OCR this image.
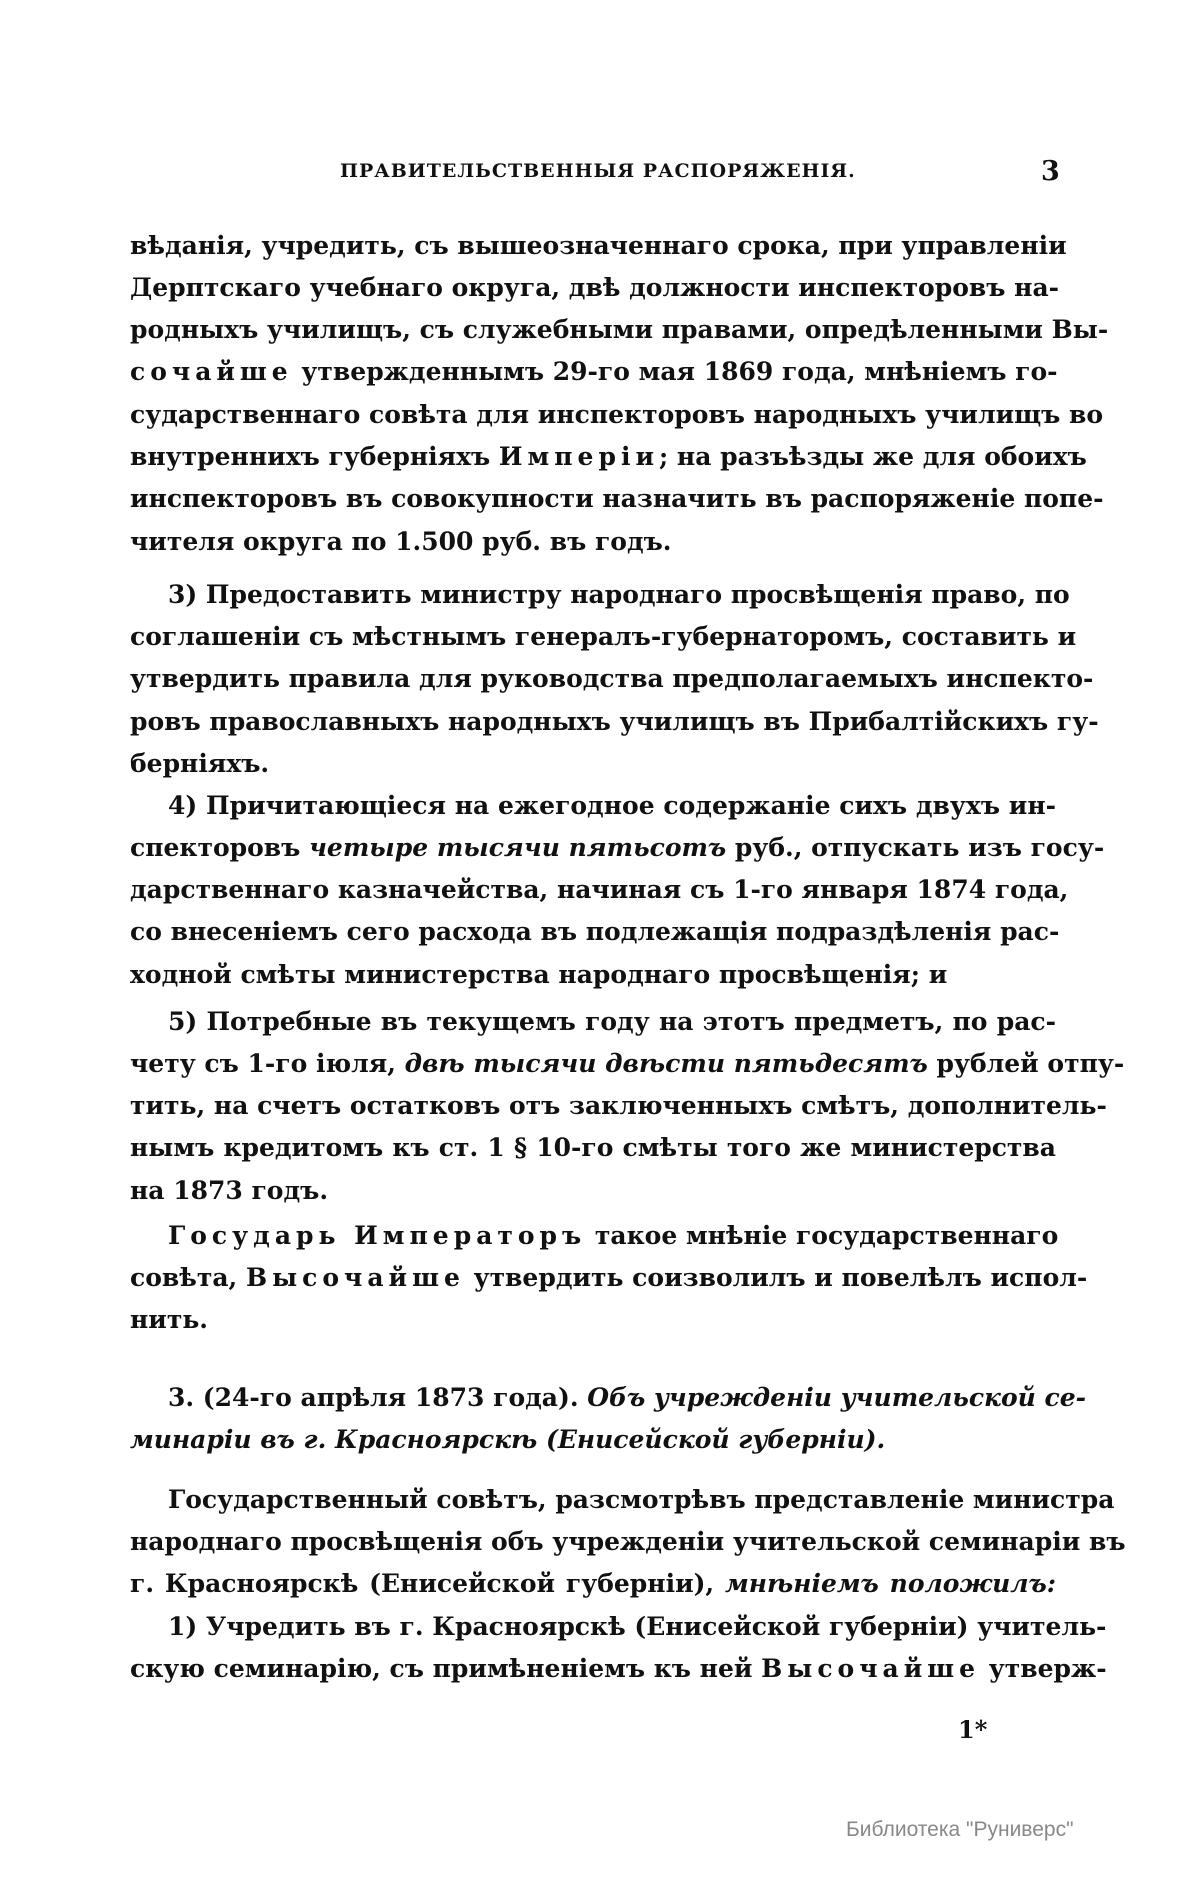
ПРАВИТЕЛЬСТВЕННЫЯ РАСПОРЯЖЕНІЯ.	3
вѣданія, учредить, съ вышеозначеннаго срока, при управленіи
Дерптскаго учебнаго округа, двѣ должности инспекторовъ на-
родныхъ училищъ, съ служебными правами, опредѣленными Вы-
сочайше утвержденнымъ 29-го мая 1869 года, мнѣніемъ го-
сударственнаго совѣта для инспекторовъ народныхъ училищъ во
внутреннихъ губерніяхъ Имперіи; на разъѣзды же для обоихъ
инспекторовъ въ совокупности назначить въ распоряженіе попе-
чителя округа по 1.500 руб. въ годъ.
3) Предоставить министру народнаго просвѣщенія право, по
соглашеніи съ мѣстнымъ генералъ-губернаторомъ, составить и
утвердить правила для руководства предполагаемыхъ инспекто-
ровъ православныхъ народныхъ училищъ въ Прибалтійскихъ гу-
берніяхъ.
4) Причитающіеся на ежегодное содержаніе сихъ двухъ ин-
спекторовъ четыре тысячи пятьсотъ руб., отпускать изъ госу-
дарственнаго казначейства, начиная съ 1-го января 1874 года,
со внесеніемъ сего расхода въ подлежащія подраздѣленія рас-
ходной смѣты министерства народнаго просвѣщенія; и
5) Потребные въ текущемъ году на этотъ предметъ, по рас-
чету съ 1-го іюля, двѣ тысячи двѣсти пятьдесятъ рублей отпу-
тить, на счетъ остатковъ отъ заключенныхъ смѣтъ, дополнитель-
нымъ кредитомъ къ ст. 1 § 10-го смѣты того же министерства
на 1873 годъ.
Государь Императоръ такое мнѣніе государственнаго
совѣта, Высочайше утвердить соизволилъ и повелѣлъ испол-
нить.
3. (24-го апрѣля 1873 года). Объ учрежденіи учительской се-
минаріи въ г. Красноярскѣ (Енисейской губерніи).
Государственный совѣтъ, разсмотрѣвъ представленіе министра
народнаго просвѣщенія объ учрежденіи учительской семинаріи въ
г. Красноярскѣ (Енисейской губерніи), мнѣніемъ положилъ:
1) Учредить въ г. Красноярскѣ (Енисейской губерніи) учитель-
скую семинарію, съ примѣненіемъ къ ней Высочайше утверж-
1*
Библиотека "Руниверс"
